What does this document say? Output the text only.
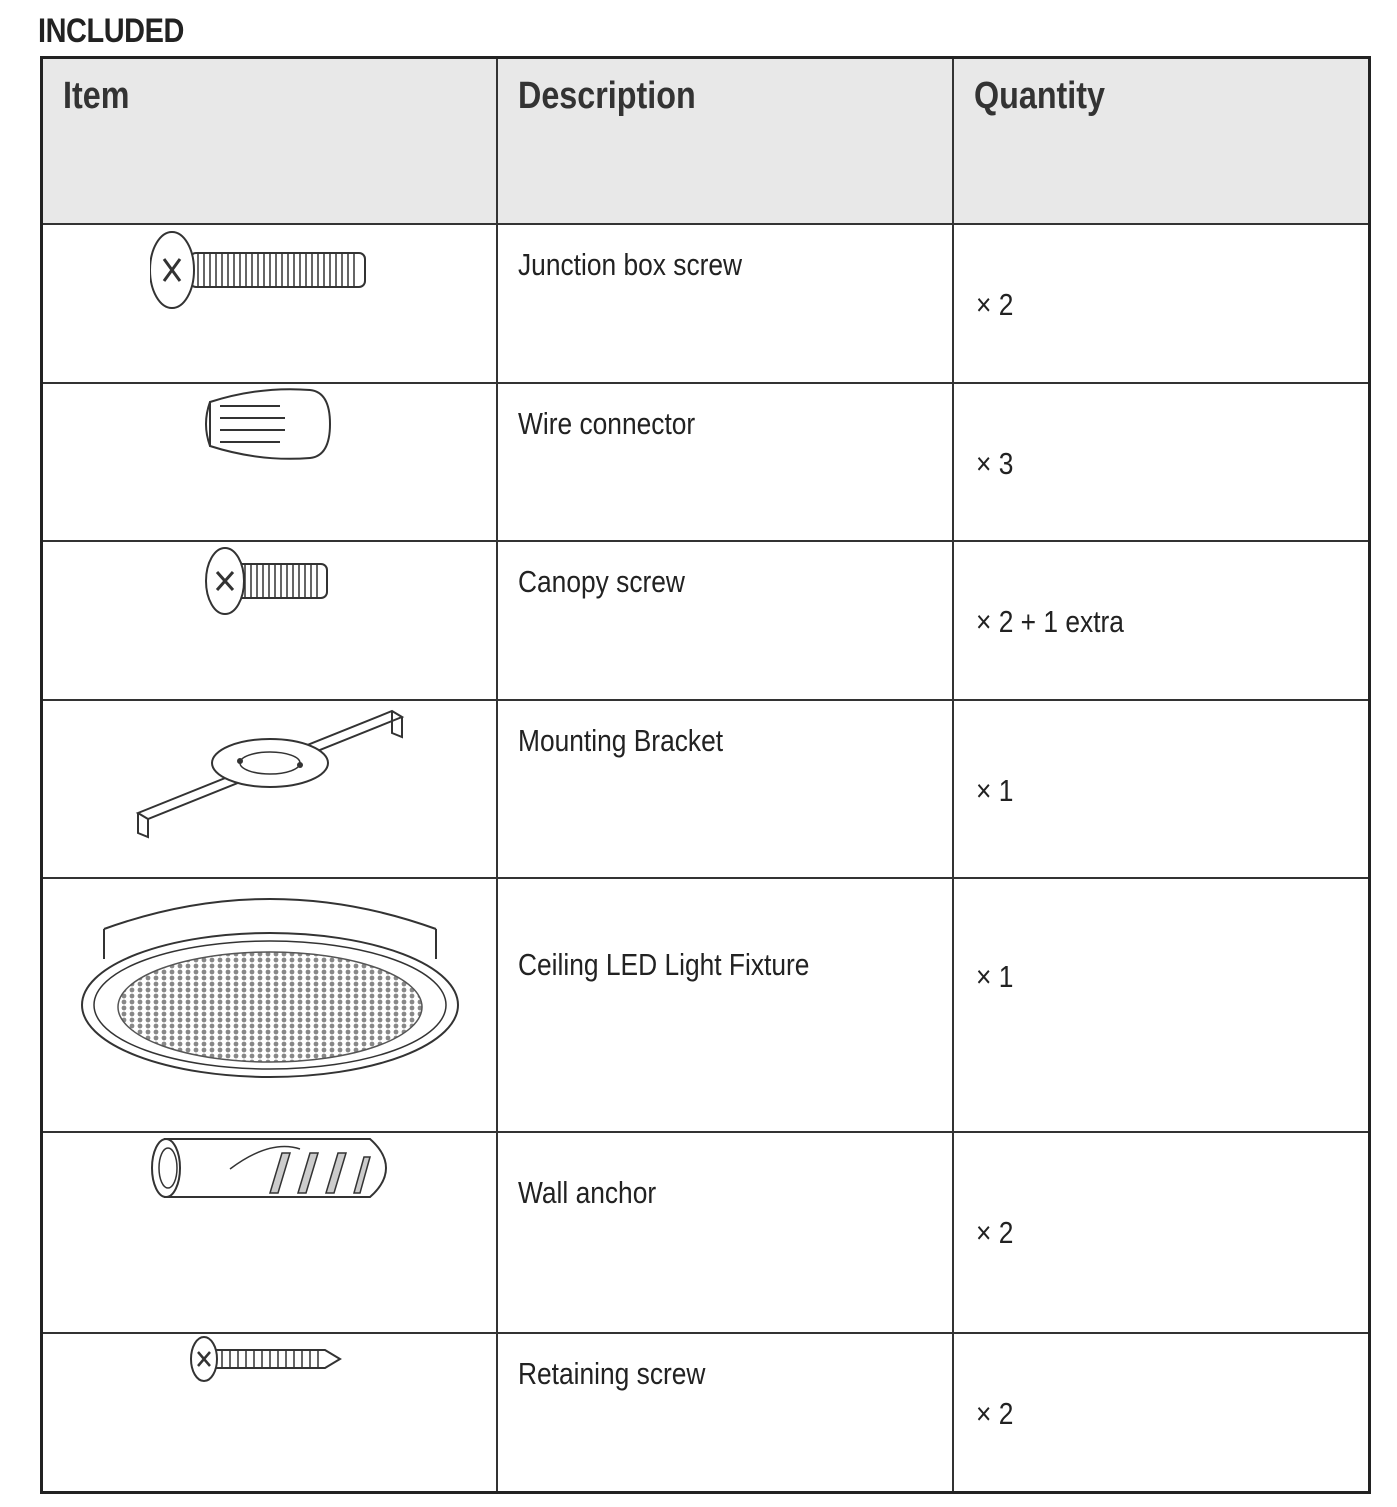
INCLUDED
Item	Description	Quantity

Junction box screw	× 2

Wire connector	× 3

Canopy screw	× 2 + 1 extra

Mounting Bracket	× 1

Ceiling LED Light Fixture	× 1

Wall anchor	× 2

Retaining screw	× 2
